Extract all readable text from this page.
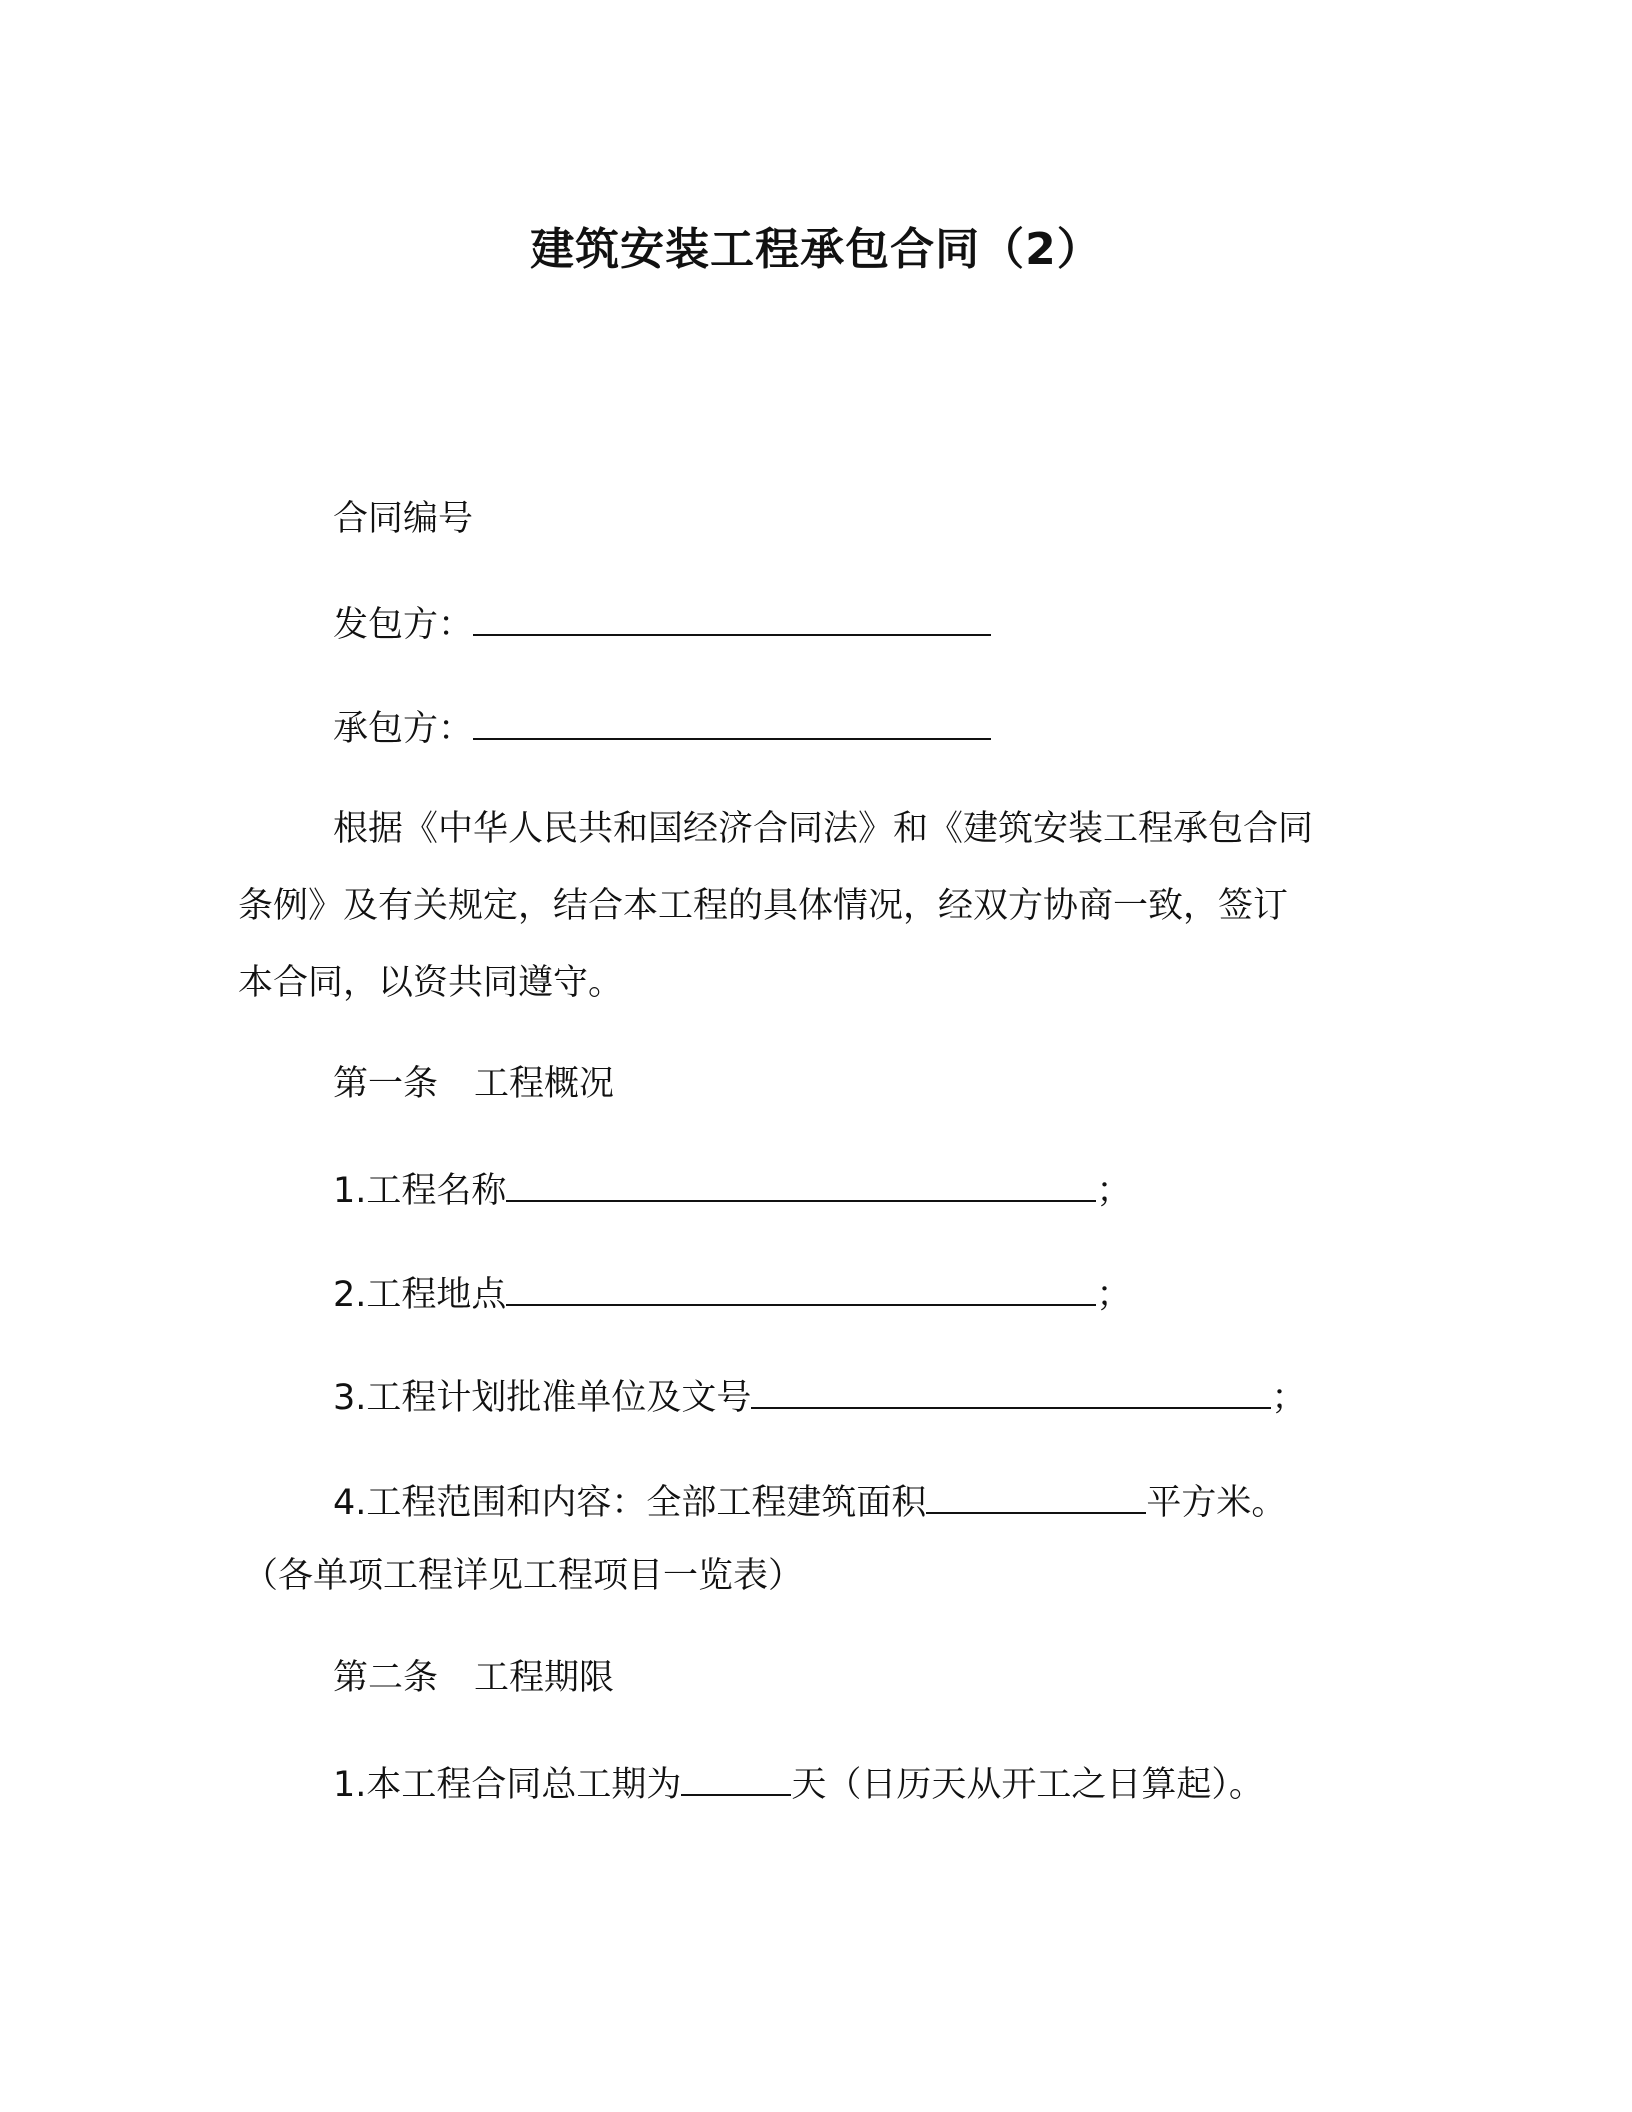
建筑安装工程承包合同（2）
合同编号
发包方：
承包方：
根据《中华人民共和国经济合同法》和《建筑安装工程承包合同
条例》及有关规定，结合本工程的具体情况，经双方协商一致，签订
本合同，以资共同遵守。
第一条 工程概况
1.工程名称	；
2.工程地点	；
3.工程计划批准单位及文号	；
4.工程范围和内容：全部工程建筑面积	平方米。
（各单项工程详见工程项目一览表）
第二条 工程期限
1.本工程合同总工期为	天（日历天从开工之日算起）。
